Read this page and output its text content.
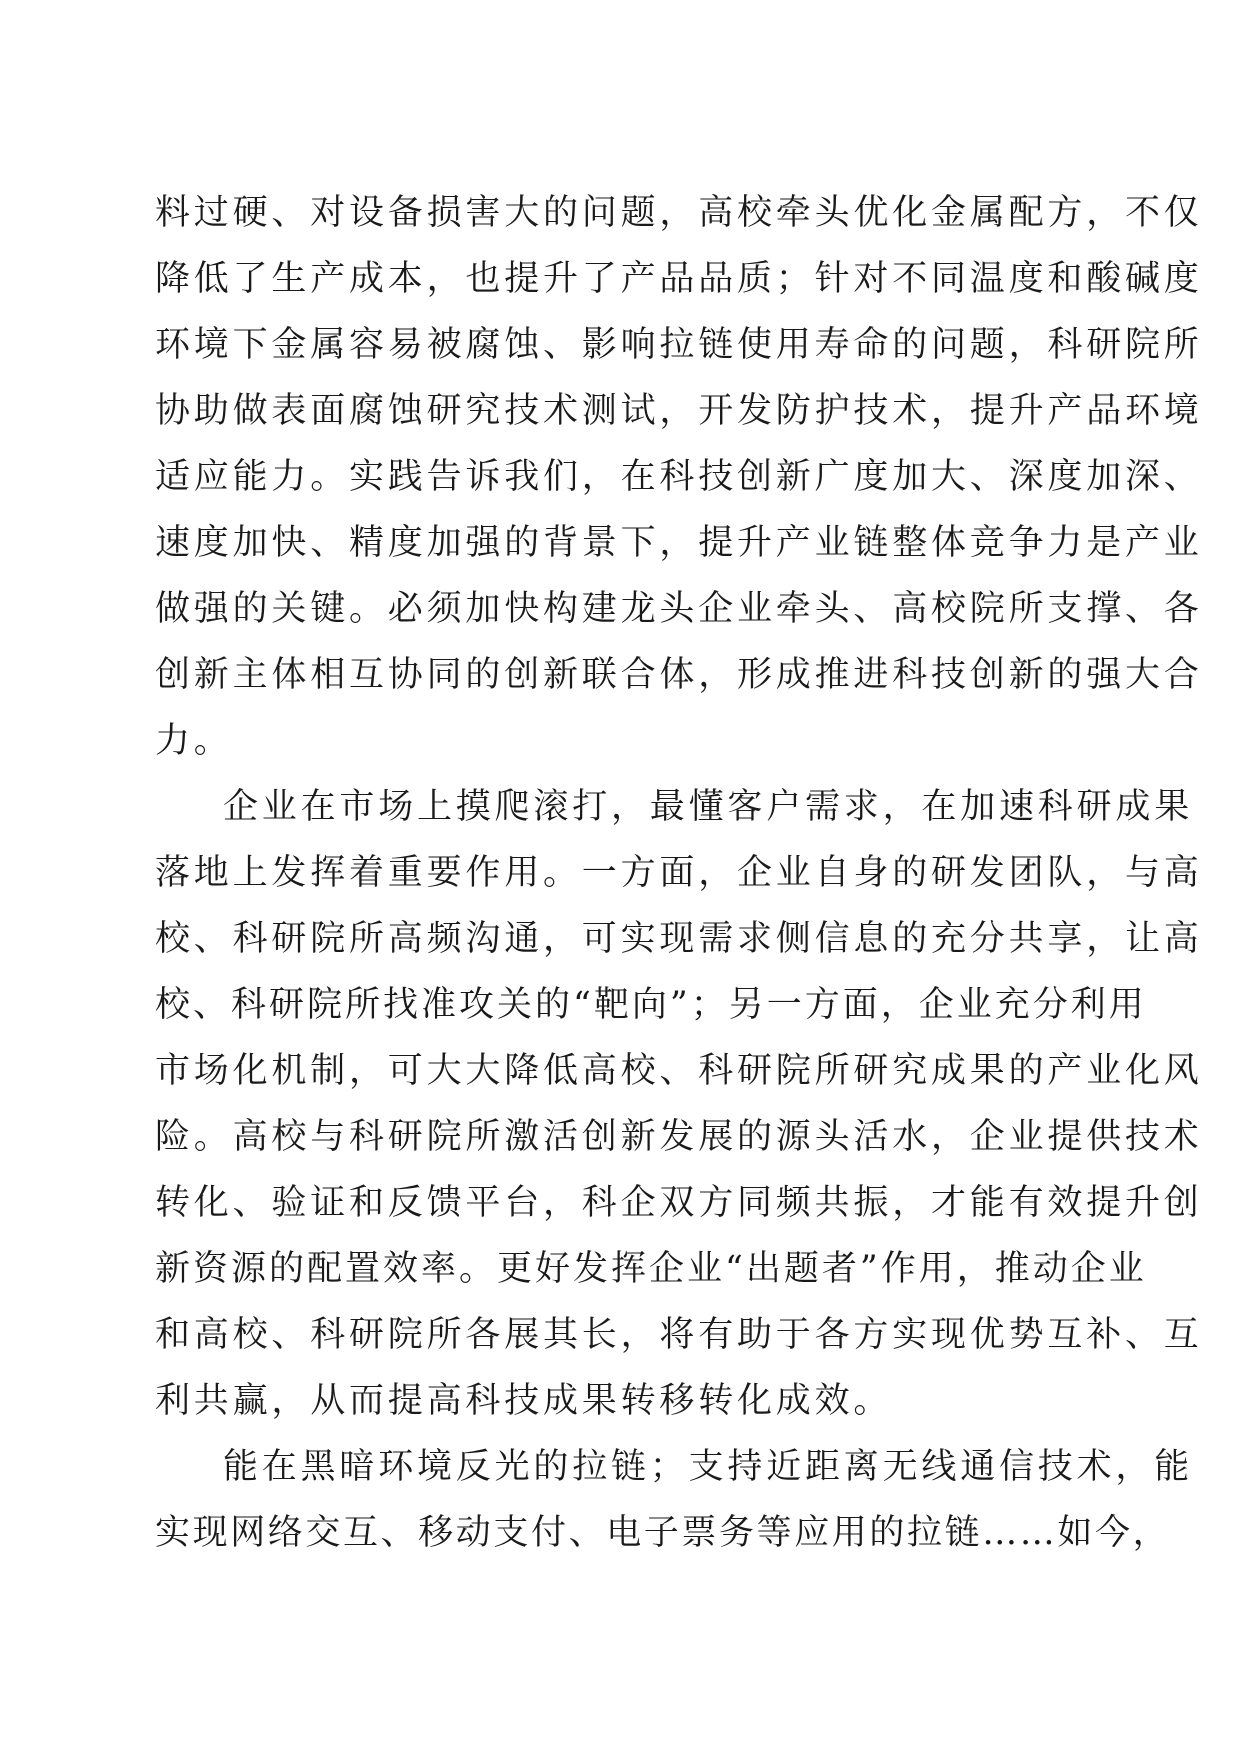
料过硬、对设备损害大的问题，高校牵头优化金属配方，不仅
降低了生产成本，也提升了产品品质；针对不同温度和酸碱度
环境下金属容易被腐蚀、影响拉链使用寿命的问题，科研院所
协助做表面腐蚀研究技术测试，开发防护技术，提升产品环境
适应能力。实践告诉我们，在科技创新广度加大、深度加深、
速度加快、精度加强的背景下，提升产业链整体竞争力是产业
做强的关键。必须加快构建龙头企业牵头、高校院所支撑、各
创新主体相互协同的创新联合体，形成推进科技创新的强大合
力。
企业在市场上摸爬滚打，最懂客户需求，在加速科研成果
落地上发挥着重要作用。一方面，企业自身的研发团队，与高
校、科研院所高频沟通，可实现需求侧信息的充分共享，让高
校、科研院所找准攻关的“靶向”；另一方面，企业充分利用
市场化机制，可大大降低高校、科研院所研究成果的产业化风
险。高校与科研院所激活创新发展的源头活水，企业提供技术
转化、验证和反馈平台，科企双方同频共振，才能有效提升创
新资源的配置效率。更好发挥企业“出题者”作用，推动企业
和高校、科研院所各展其长，将有助于各方实现优势互补、互
利共赢，从而提高科技成果转移转化成效。
能在黑暗环境反光的拉链；支持近距离无线通信技术，能
实现网络交互、移动支付、电子票务等应用的拉链……如今，
